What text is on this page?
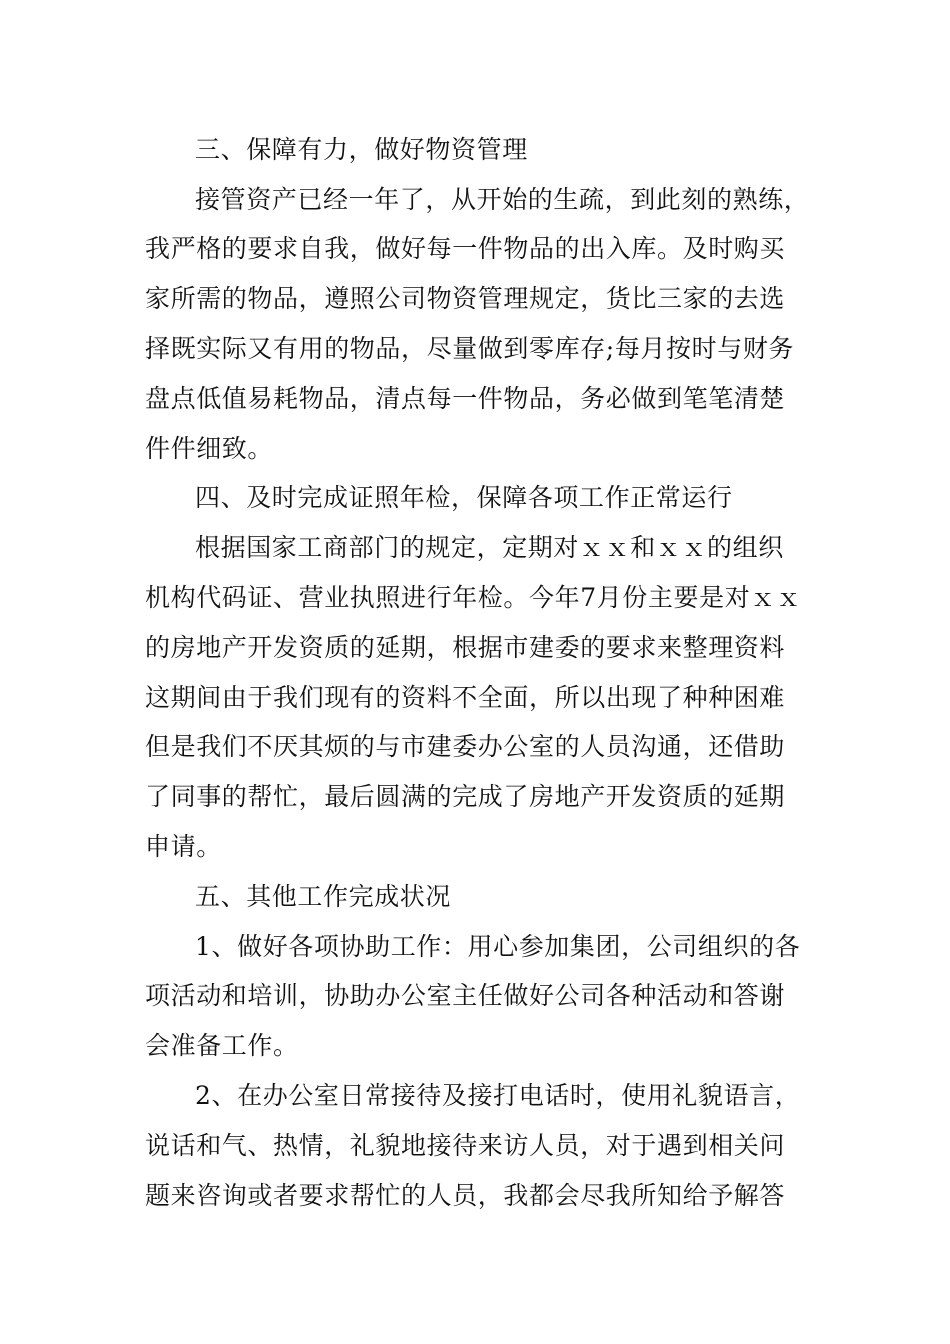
三、保障有力，做好物资管理
接管资产已经一年了，从开始的生疏，到此刻的熟练，
我严格的要求自我，做好每一件物品的出入库。及时购买
家所需的物品，遵照公司物资管理规定，货比三家的去选
择既实际又有用的物品，尽量做到零库存;每月按时与财务
盘点低值易耗物品，清点每一件物品，务必做到笔笔清楚
件件细致。
四、及时完成证照年检，保障各项工作正常运行
根据国家工商部门的规定，定期对ｘｘ和ｘｘ的组织
机构代码证、营业执照进行年检。今年7月份主要是对ｘｘ
的房地产开发资质的延期，根据市建委的要求来整理资料
这期间由于我们现有的资料不全面，所以出现了种种困难
但是我们不厌其烦的与市建委办公室的人员沟通，还借助
了同事的帮忙，最后圆满的完成了房地产开发资质的延期
申请。
五、其他工作完成状况
1、做好各项协助工作：用心参加集团，公司组织的各
项活动和培训，协助办公室主任做好公司各种活动和答谢
会准备工作。
2、在办公室日常接待及接打电话时，使用礼貌语言，
说话和气、热情，礼貌地接待来访人员，对于遇到相关问
题来咨询或者要求帮忙的人员，我都会尽我所知给予解答
